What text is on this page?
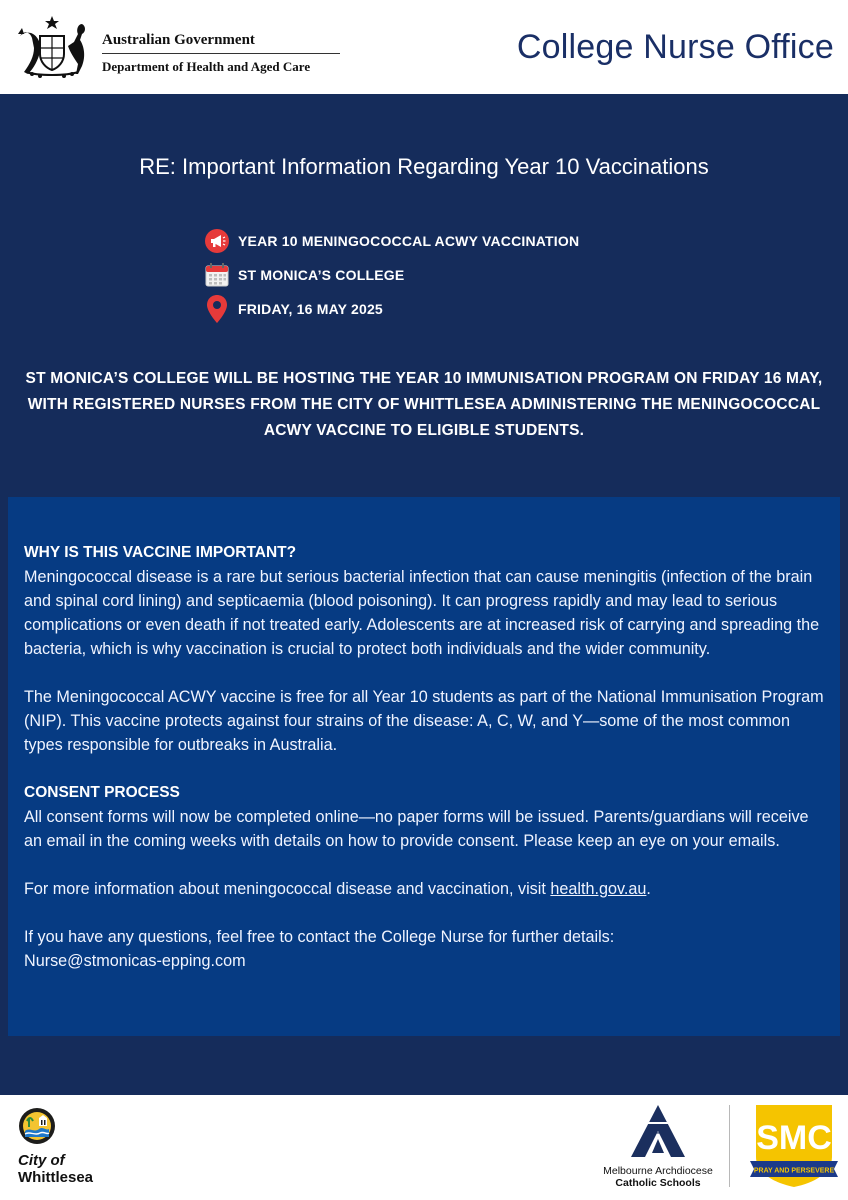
Australian Government
Department of Health and Aged Care
College Nurse Office
RE: Important Information Regarding Year 10 Vaccinations
YEAR 10 MENINGOCOCCAL ACWY VACCINATION
ST MONICA’S COLLEGE
FRIDAY, 16 MAY 2025
ST MONICA’S COLLEGE WILL BE HOSTING THE YEAR 10 IMMUNISATION PROGRAM ON FRIDAY 16 MAY, WITH REGISTERED NURSES FROM THE CITY OF WHITTLESEA ADMINISTERING THE MENINGOCOCCAL ACWY VACCINE TO ELIGIBLE STUDENTS.
WHY IS THIS VACCINE IMPORTANT?

Meningococcal disease is a rare but serious bacterial infection that can cause meningitis (infection of the brain and spinal cord lining) and septicaemia (blood poisoning). It can progress rapidly and may lead to serious complications or even death if not treated early. Adolescents are at increased risk of carrying and spreading the bacteria, which is why vaccination is crucial to protect both individuals and the wider community.

The Meningococcal ACWY vaccine is free for all Year 10 students as part of the National Immunisation Program (NIP). This vaccine protects against four strains of the disease: A, C, W, and Y—some of the most common types responsible for outbreaks in Australia.

CONSENT PROCESS

All consent forms will now be completed online—no paper forms will be issued. Parents/guardians will receive an email in the coming weeks with details on how to provide consent. Please keep an eye on your emails.

For more information about meningococcal disease and vaccination, visit health.gov.au.

If you have any questions, feel free to contact the College Nurse for further details:

Nurse@stmonicas-epping.com

City of
Whittlesea	Melbourne Archdiocese
Catholic Schools
SMC
PRAY AND PERSEVERE
